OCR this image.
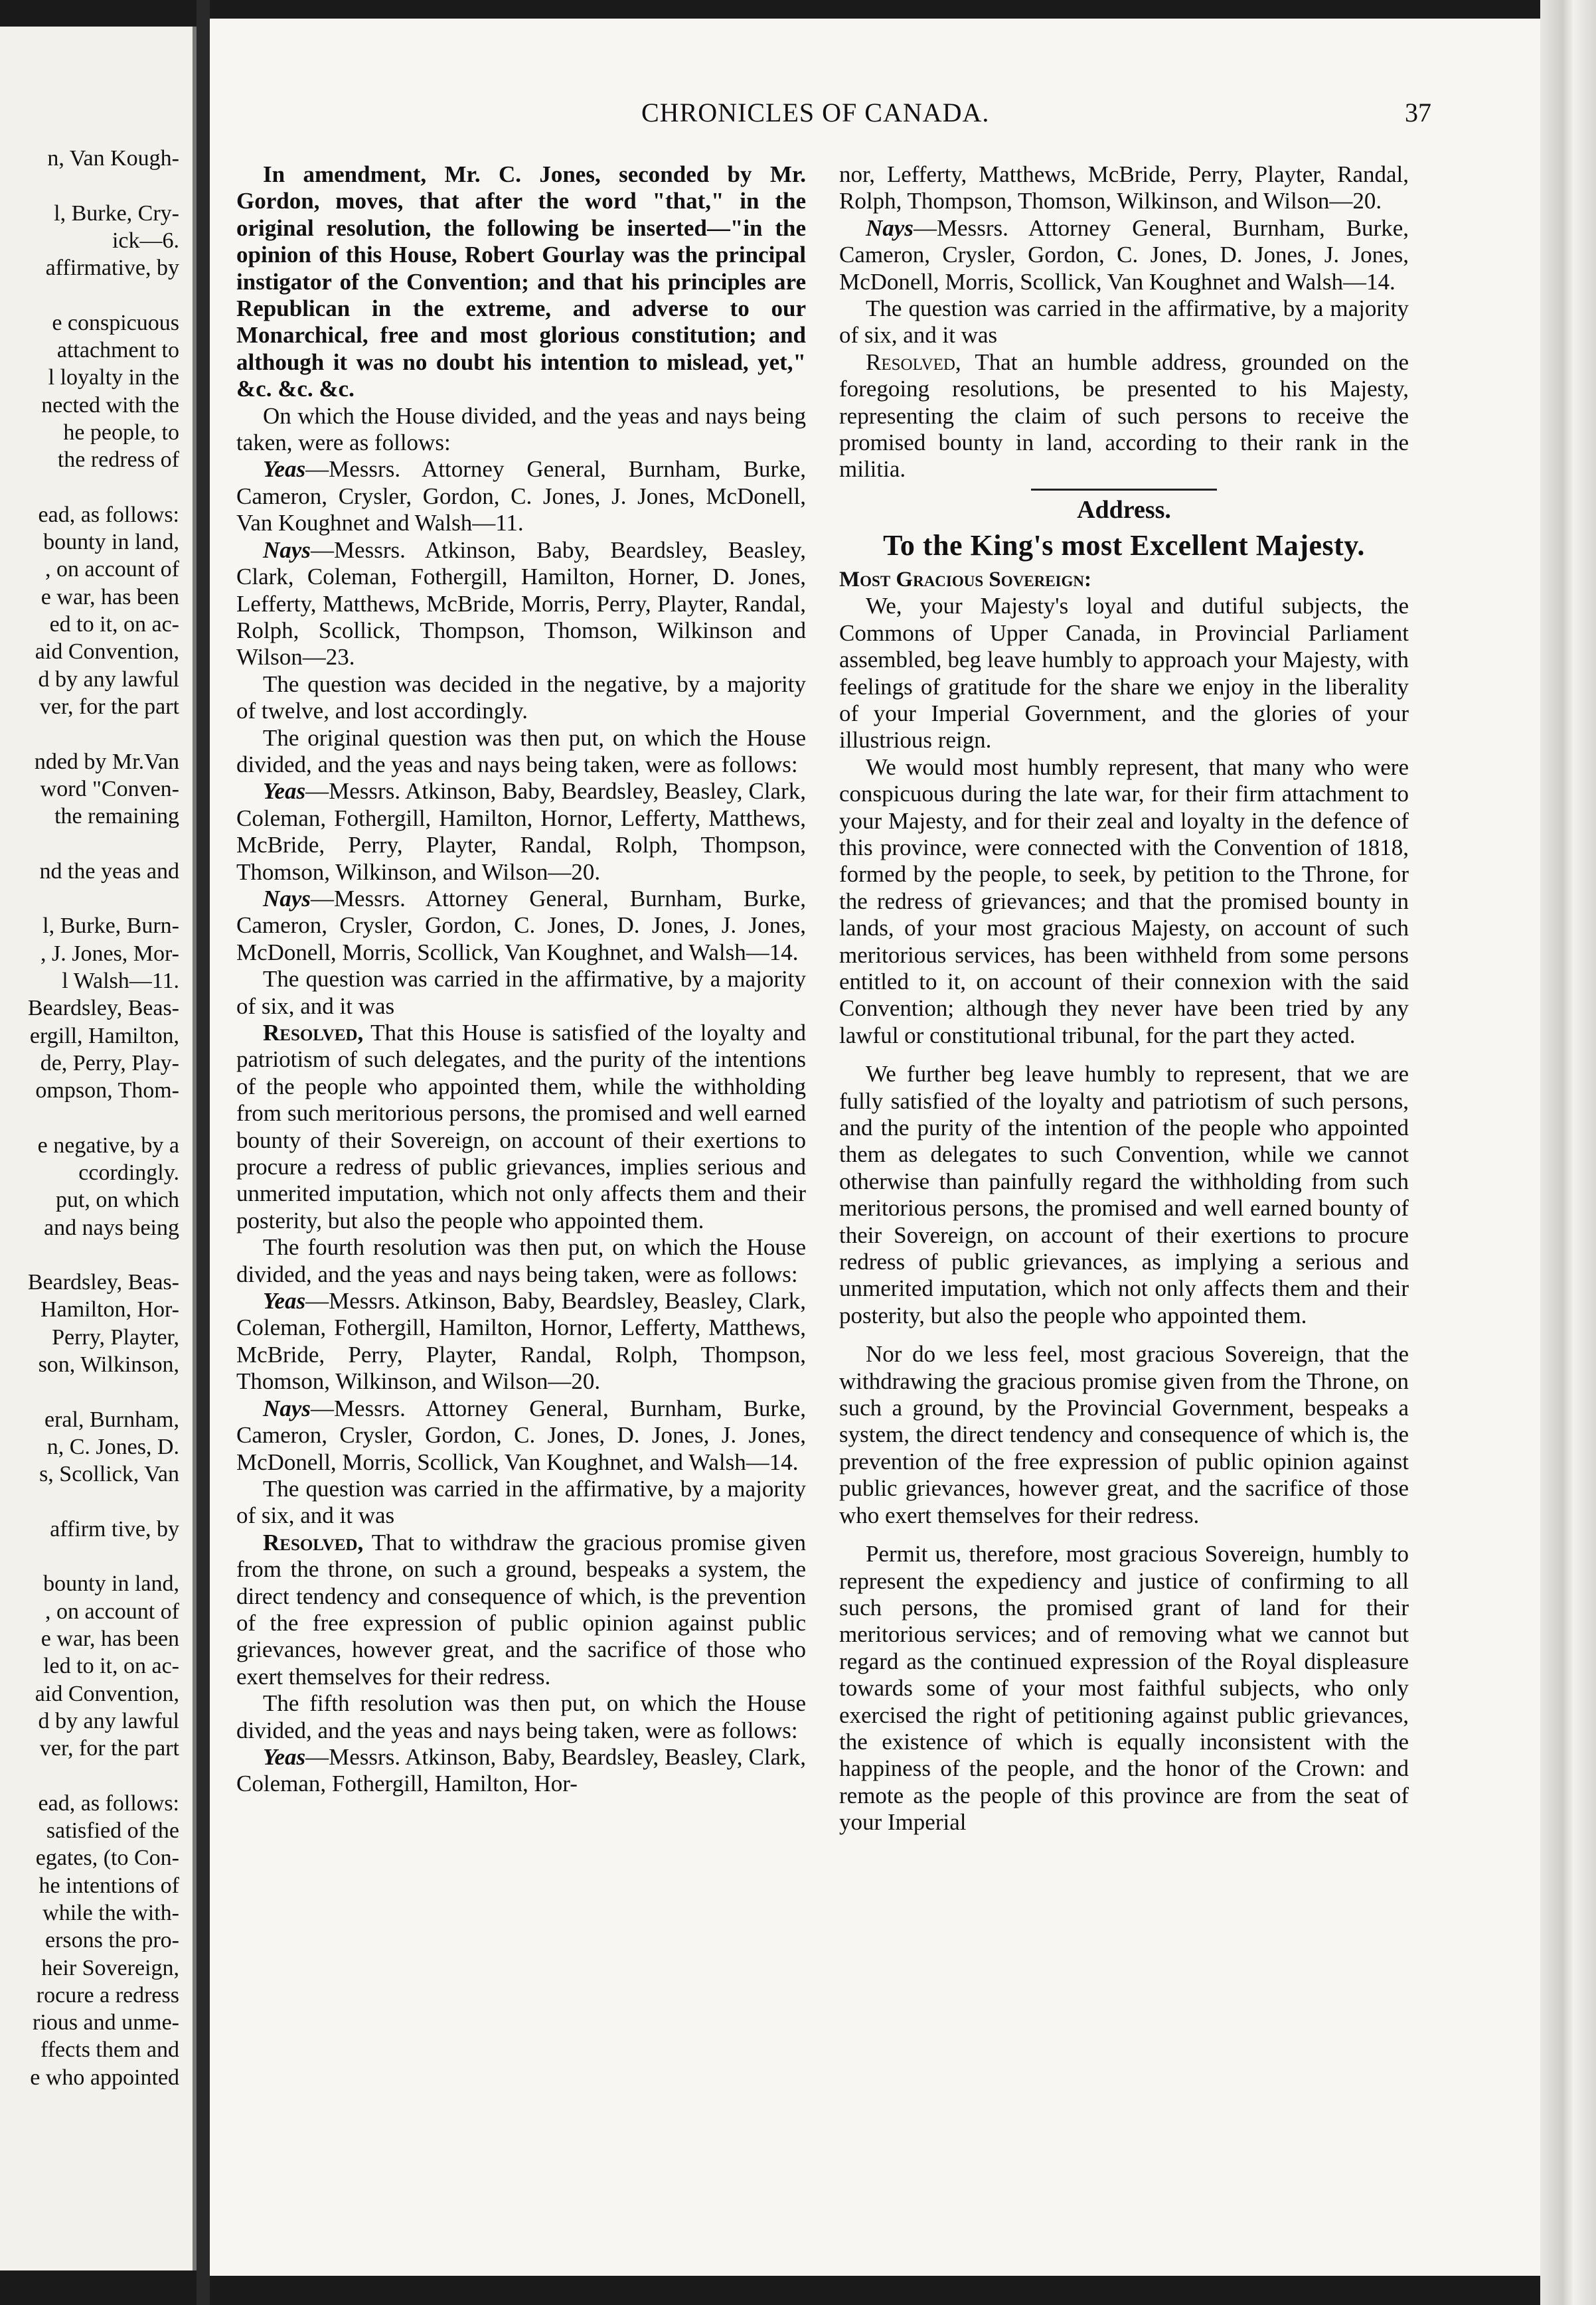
n, Van Kough-
l, Burke, Cry-
ick—6.
affirmative, by
e conspicuous
attachment to
l loyalty in the
nected with the
he people, to
the redress of
ead, as follows:
bounty in land,
, on account of
e war, has been
ed to it, on ac-
aid Convention,
d by any lawful
ver, for the part
nded by Mr.Van
word "Conven-
the remaining
nd the yeas and
l, Burke, Burn-
, J. Jones, Mor-
l Walsh—11.
Beardsley, Beas-
ergill, Hamilton,
de, Perry, Play-
ompson, Thom-
e negative, by a
ccordingly.
put, on which
and nays being
Beardsley, Beas-
Hamilton, Hor-
Perry, Playter,
son, Wilkinson,
eral, Burnham,
n, C. Jones, D.
s, Scollick, Van
affirm tive, by
bounty in land,
, on account of
e war, has been
led to it, on ac-
aid Convention,
d by any lawful
ver, for the part
ead, as follows:
satisfied of the
egates, (to Con-
he intentions of
while the with-
ersons the pro-
heir Sovereign,
rocure a redress
rious and unme-
ffects them and
e who appointed
CHRONICLES OF CANADA.	37

In amendment, Mr. C. Jones, seconded by Mr. Gordon, moves, that after the word "that," in the original resolution, the following be inserted—"in the opinion of this House, Robert Gourlay was the principal instigator of the Convention; and that his principles are Republican in the extreme, and adverse to our Monarchical, free and most glorious constitution; and although it was no doubt his intention to mislead, yet," &c. &c. &c.

On which the House divided, and the yeas and nays being taken, were as follows:

Yeas—Messrs. Attorney General, Burnham, Burke, Cameron, Crysler, Gordon, C. Jones, J. Jones, McDonell, Van Koughnet and Walsh—11.

Nays—Messrs. Atkinson, Baby, Beardsley, Beasley, Clark, Coleman, Fothergill, Hamilton, Horner, D. Jones, Lefferty, Matthews, McBride, Morris, Perry, Playter, Randal, Rolph, Scollick, Thompson, Thomson, Wilkinson and Wilson—23.

The question was decided in the negative, by a majority of twelve, and lost accordingly.

The original question was then put, on which the House divided, and the yeas and nays being taken, were as follows:

Yeas—Messrs. Atkinson, Baby, Beardsley, Beasley, Clark, Coleman, Fothergill, Hamilton, Hornor, Lefferty, Matthews, McBride, Perry, Playter, Randal, Rolph, Thompson, Thomson, Wilkinson, and Wilson—20.

Nays—Messrs. Attorney General, Burnham, Burke, Cameron, Crysler, Gordon, C. Jones, D. Jones, J. Jones, McDonell, Morris, Scollick, Van Koughnet, and Walsh—14.

The question was carried in the affirmative, by a majority of six, and it was

Resolved, That this House is satisfied of the loyalty and patriotism of such delegates, and the purity of the intentions of the people who appointed them, while the withholding from such meritorious persons, the promised and well earned bounty of their Sovereign, on account of their exertions to procure a redress of public grievances, implies serious and unmerited imputation, which not only affects them and their posterity, but also the people who appointed them.

The fourth resolution was then put, on which the House divided, and the yeas and nays being taken, were as follows:

Yeas—Messrs. Atkinson, Baby, Beardsley, Beasley, Clark, Coleman, Fothergill, Hamilton, Hornor, Lefferty, Matthews, McBride, Perry, Playter, Randal, Rolph, Thompson, Thomson, Wilkinson, and Wilson—20.

Nays—Messrs. Attorney General, Burnham, Burke, Cameron, Crysler, Gordon, C. Jones, D. Jones, J. Jones, McDonell, Morris, Scollick, Van Koughnet, and Walsh—14.

The question was carried in the affirmative, by a majority of six, and it was

Resolved, That to withdraw the gracious promise given from the throne, on such a ground, bespeaks a system, the direct tendency and consequence of which, is the prevention of the free expression of public opinion against public grievances, however great, and the sacrifice of those who exert themselves for their redress.

The fifth resolution was then put, on which the House divided, and the yeas and nays being taken, were as follows:

Yeas—Messrs. Atkinson, Baby, Beardsley, Beasley, Clark, Coleman, Fothergill, Hamilton, Hor-

nor, Lefferty, Matthews, McBride, Perry, Playter, Randal, Rolph, Thompson, Thomson, Wilkinson, and Wilson—20.

Nays—Messrs. Attorney General, Burnham, Burke, Cameron, Crysler, Gordon, C. Jones, D. Jones, J. Jones, McDonell, Morris, Scollick, Van Koughnet and Walsh—14.

The question was carried in the affirmative, by a majority of six, and it was

Resolved, That an humble address, grounded on the foregoing resolutions, be presented to his Majesty, representing the claim of such persons to receive the promised bounty in land, according to their rank in the militia.

Address.

To the King's most Excellent Majesty.

Most Gracious Sovereign:

We, your Majesty's loyal and dutiful subjects, the Commons of Upper Canada, in Provincial Parliament assembled, beg leave humbly to approach your Majesty, with feelings of gratitude for the share we enjoy in the liberality of your Imperial Government, and the glories of your illustrious reign.

We would most humbly represent, that many who were conspicuous during the late war, for their firm attachment to your Majesty, and for their zeal and loyalty in the defence of this province, were connected with the Convention of 1818, formed by the people, to seek, by petition to the Throne, for the redress of grievances; and that the promised bounty in lands, of your most gracious Majesty, on account of such meritorious services, has been withheld from some persons entitled to it, on account of their connexion with the said Convention; although they never have been tried by any lawful or constitutional tribunal, for the part they acted.

We further beg leave humbly to represent, that we are fully satisfied of the loyalty and patriotism of such persons, and the purity of the intention of the people who appointed them as delegates to such Convention, while we cannot otherwise than painfully regard the withholding from such meritorious persons, the promised and well earned bounty of their Sovereign, on account of their exertions to procure redress of public grievances, as implying a serious and unmerited imputation, which not only affects them and their posterity, but also the people who appointed them.

Nor do we less feel, most gracious Sovereign, that the withdrawing the gracious promise given from the Throne, on such a ground, by the Provincial Government, bespeaks a system, the direct tendency and consequence of which is, the prevention of the free expression of public opinion against public grievances, however great, and the sacrifice of those who exert themselves for their redress.

Permit us, therefore, most gracious Sovereign, humbly to represent the expediency and justice of confirming to all such persons, the promised grant of land for their meritorious services; and of removing what we cannot but regard as the continued expression of the Royal displeasure towards some of your most faithful subjects, who only exercised the right of petitioning against public grievances, the existence of which is equally inconsistent with the happiness of the people, and the honor of the Crown: and remote as the people of this province are from the seat of your Imperial
